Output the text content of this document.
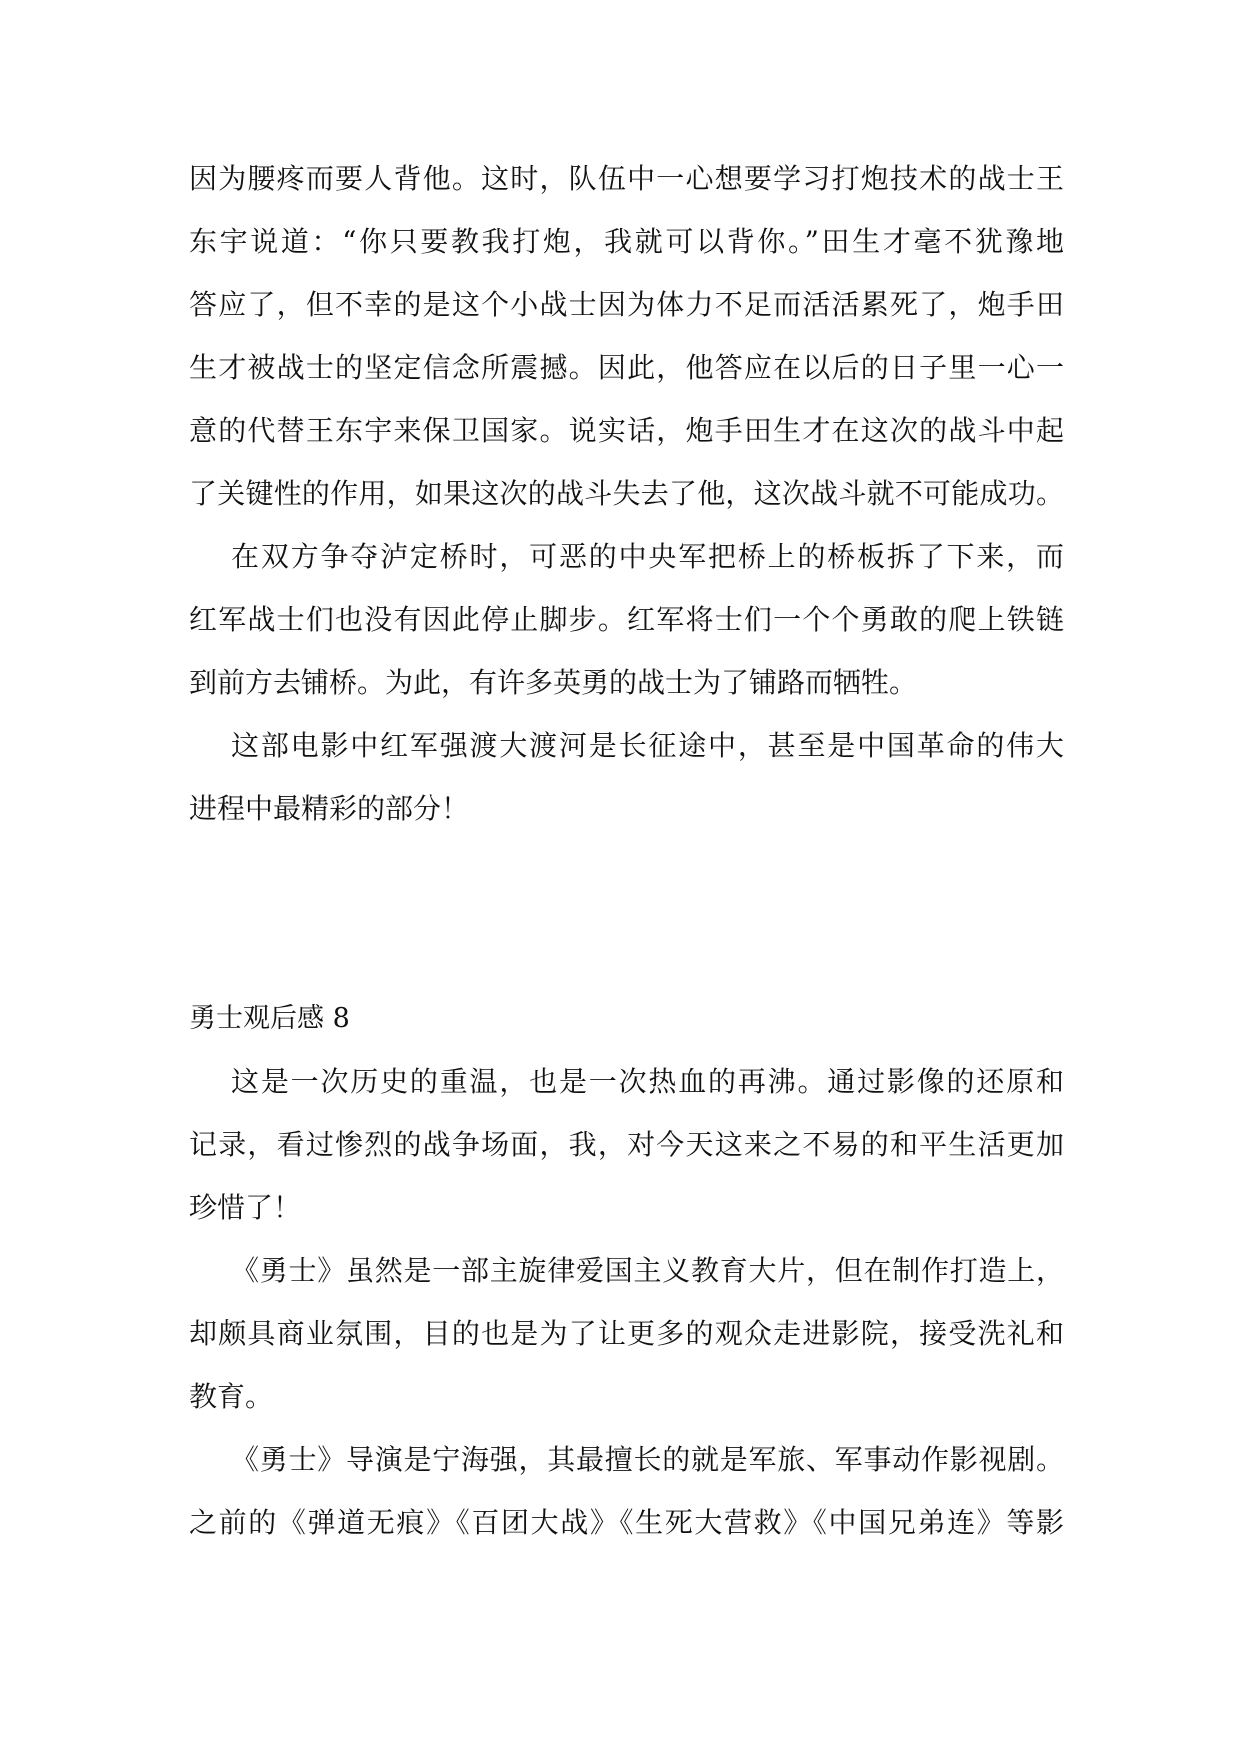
因为腰疼而要人背他。这时，队伍中一心想要学习打炮技术的战士王
东宇说道：“你只要教我打炮，我就可以背你。”田生才毫不犹豫地
答应了，但不幸的是这个小战士因为体力不足而活活累死了，炮手田
生才被战士的坚定信念所震撼。因此，他答应在以后的日子里一心一
意的代替王东宇来保卫国家。说实话，炮手田生才在这次的战斗中起
了关键性的作用，如果这次的战斗失去了他，这次战斗就不可能成功。
在双方争夺泸定桥时，可恶的中央军把桥上的桥板拆了下来，而
红军战士们也没有因此停止脚步。红军将士们一个个勇敢的爬上铁链
到前方去铺桥。为此，有许多英勇的战士为了铺路而牺牲。
这部电影中红军强渡大渡河是长征途中，甚至是中国革命的伟大
进程中最精彩的部分！
勇士观后感 8
这是一次历史的重温，也是一次热血的再沸。通过影像的还原和
记录，看过惨烈的战争场面，我，对今天这来之不易的和平生活更加
珍惜了！
《勇士》虽然是一部主旋律爱国主义教育大片，但在制作打造上，
却颇具商业氛围，目的也是为了让更多的观众走进影院，接受洗礼和
教育。
《勇士》导演是宁海强，其最擅长的就是军旅、军事动作影视剧。
之前的《弹道无痕》《百团大战》《生死大营救》《中国兄弟连》等影
